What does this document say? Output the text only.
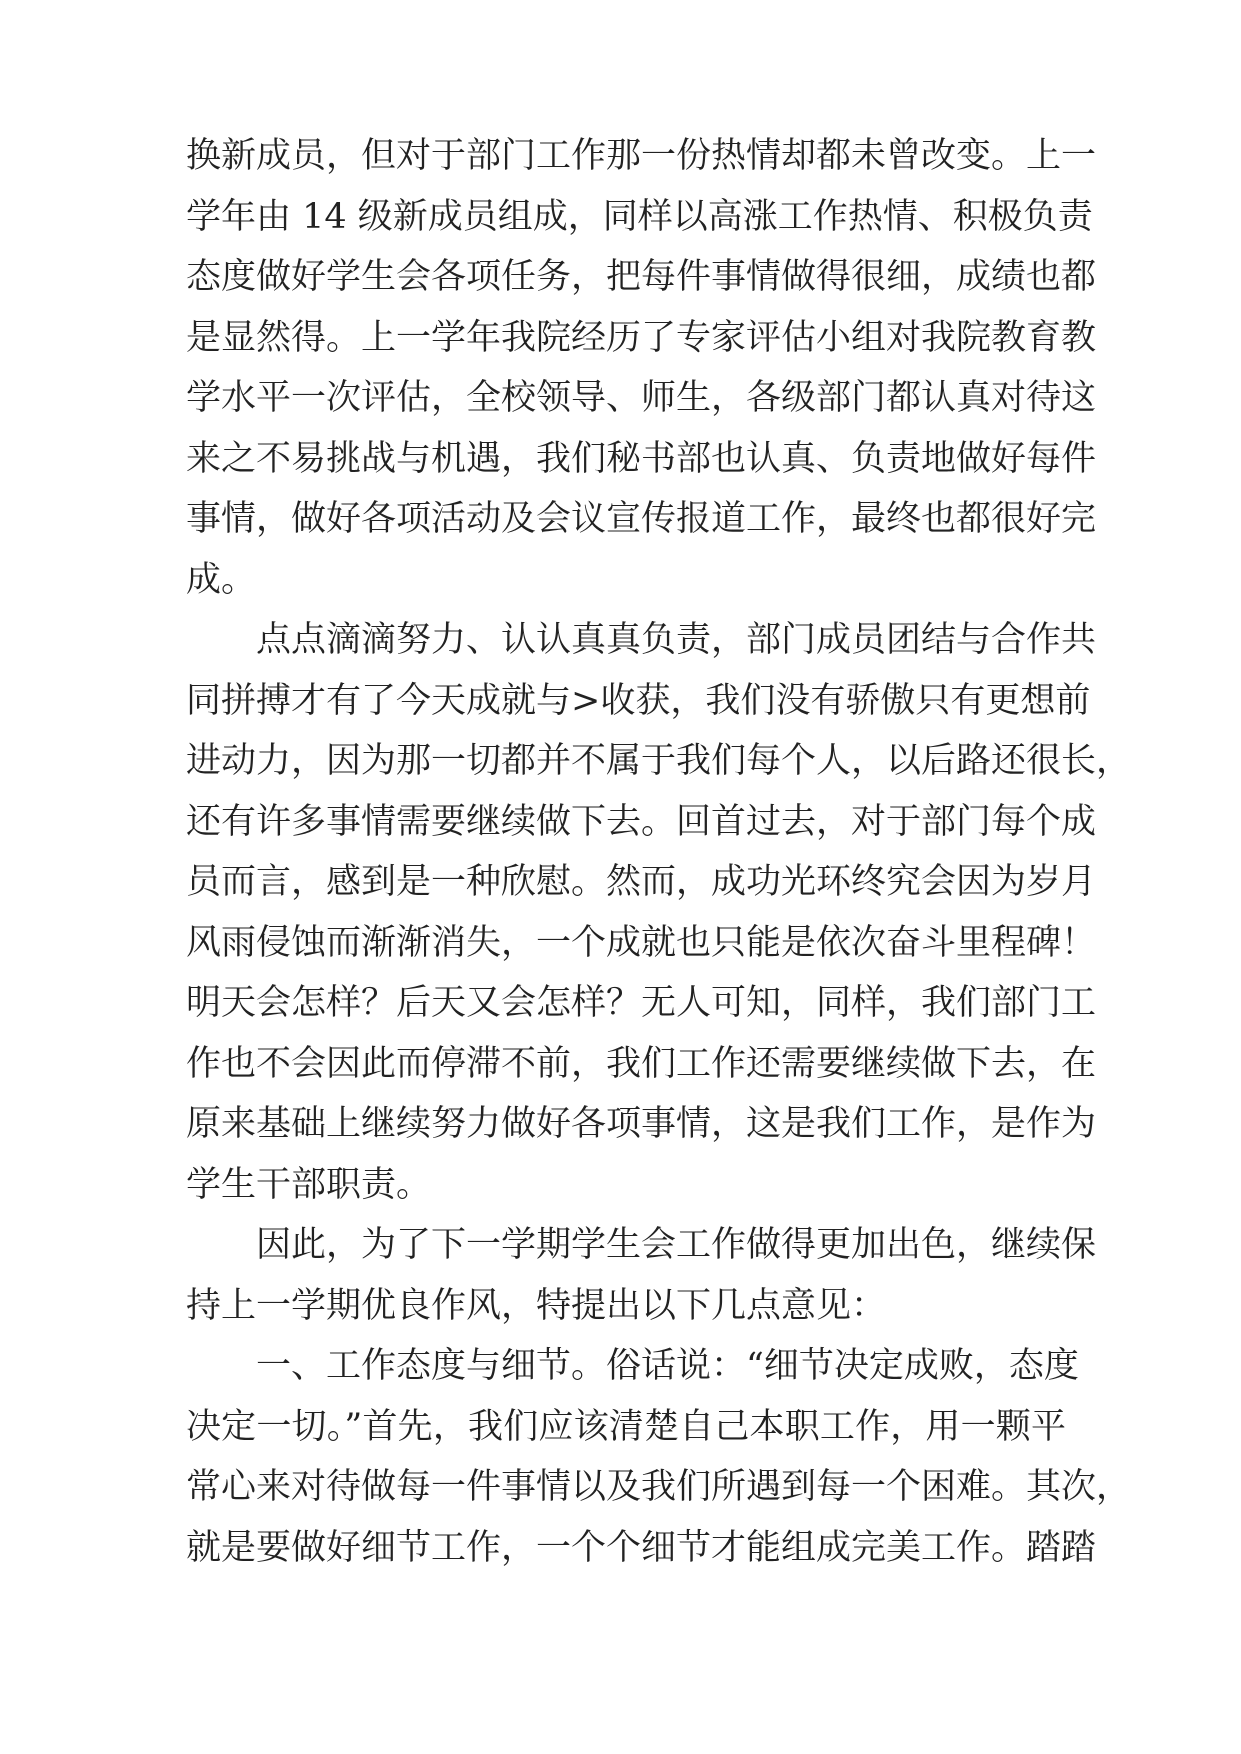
换新成员，但对于部门工作那一份热情却都未曾改变。上一
学年由 14 级新成员组成，同样以高涨工作热情、积极负责
态度做好学生会各项任务，把每件事情做得很细，成绩也都
是显然得。上一学年我院经历了专家评估小组对我院教育教
学水平一次评估，全校领导、师生，各级部门都认真对待这
来之不易挑战与机遇，我们秘书部也认真、负责地做好每件
事情，做好各项活动及会议宣传报道工作，最终也都很好完
成。
点点滴滴努力、认认真真负责，部门成员团结与合作共
同拼搏才有了今天成就与>收获，我们没有骄傲只有更想前
进动力，因为那一切都并不属于我们每个人，以后路还很长，
还有许多事情需要继续做下去。回首过去，对于部门每个成
员而言，感到是一种欣慰。然而，成功光环终究会因为岁月
风雨侵蚀而渐渐消失，一个成就也只能是依次奋斗里程碑！
明天会怎样？后天又会怎样？无人可知，同样，我们部门工
作也不会因此而停滞不前，我们工作还需要继续做下去，在
原来基础上继续努力做好各项事情，这是我们工作，是作为
学生干部职责。
因此，为了下一学期学生会工作做得更加出色，继续保
持上一学期优良作风，特提出以下几点意见：
一、工作态度与细节。俗话说：“细节决定成败，态度
决定一切。”首先，我们应该清楚自己本职工作，用一颗平
常心来对待做每一件事情以及我们所遇到每一个困难。其次，
就是要做好细节工作，一个个细节才能组成完美工作。踏踏
